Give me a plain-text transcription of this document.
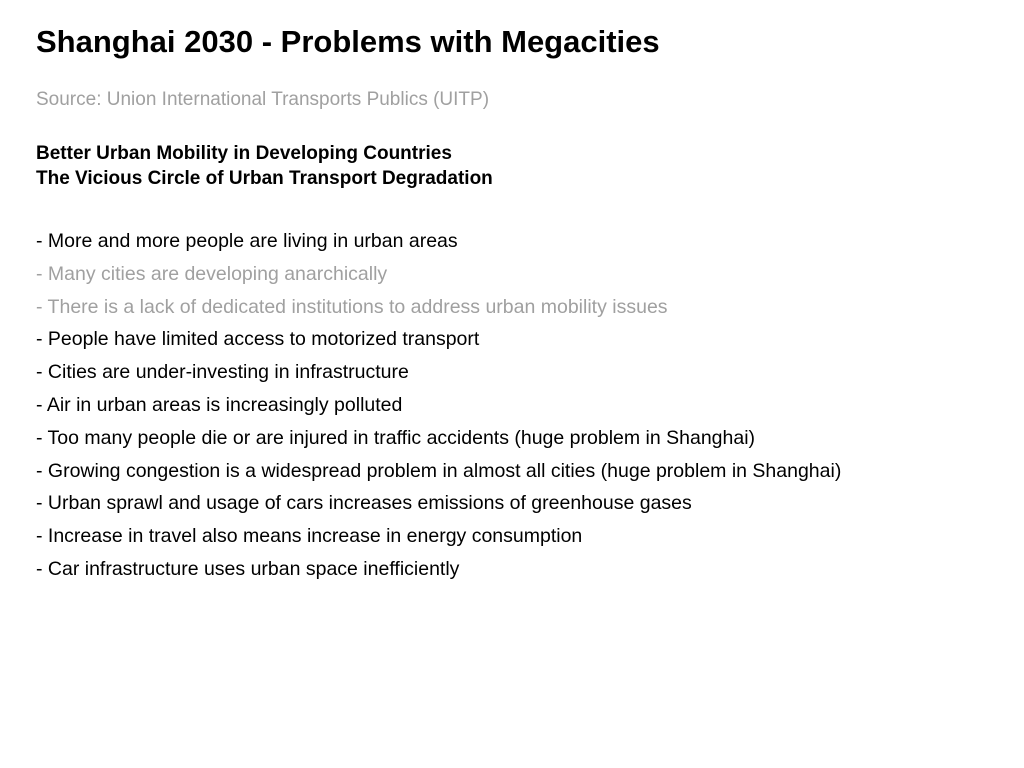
Shanghai 2030 - Problems with Megacities
Source: Union International Transports Publics (UITP)
Better Urban Mobility in Developing Countries
The Vicious Circle of Urban Transport Degradation
- More and more people are living in urban areas
- Many cities are developing anarchically
- There is a lack of dedicated institutions to address urban mobility issues
- People have limited access to motorized transport
- Cities are under-investing in infrastructure
- Air in urban areas is increasingly polluted
- Too many people die or are injured in traffic accidents (huge problem in Shanghai)
- Growing congestion is a widespread problem in almost all cities (huge problem in Shanghai)
- Urban sprawl and usage of cars increases emissions of greenhouse gases
- Increase in travel also means increase in energy consumption
- Car infrastructure uses urban space inefficiently
